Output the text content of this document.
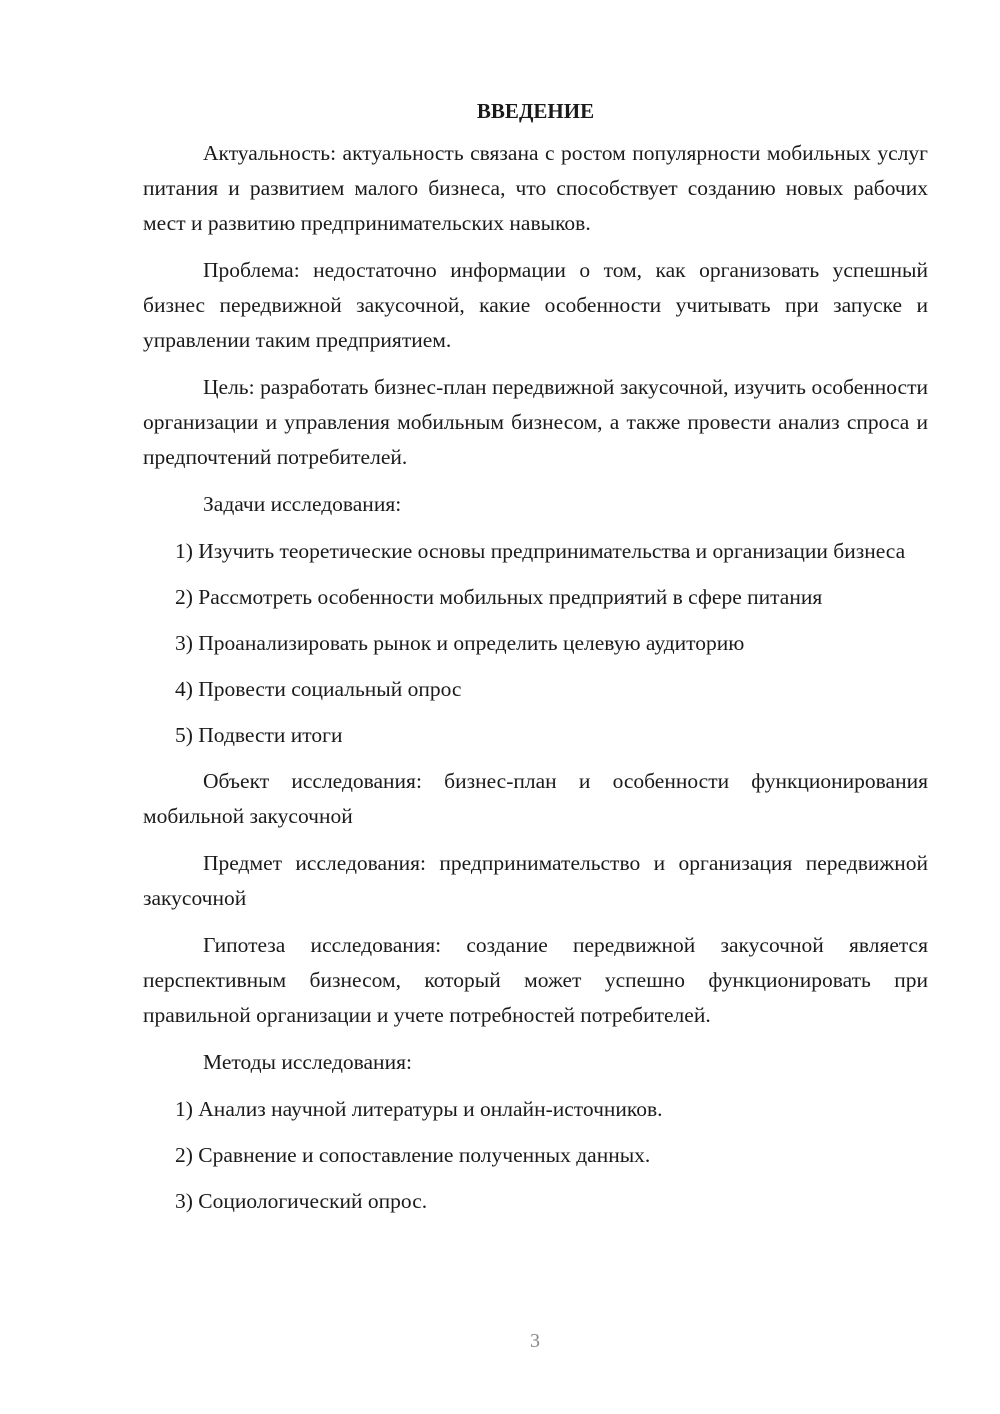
ВВЕДЕНИЕ
Актуальность: актуальность связана с ростом популярности мобильных услуг питания и развитием малого бизнеса, что способствует созданию новых рабочих мест и развитию предпринимательских навыков.
Проблема: недостаточно информации о том, как организовать успешный бизнес передвижной закусочной, какие особенности учитывать при запуске и управлении таким предприятием.
Цель: разработать бизнес-план передвижной закусочной, изучить особенности организации и управления мобильным бизнесом, а также провести анализ спроса и предпочтений потребителей.
Задачи исследования:
1) Изучить теоретические основы предпринимательства и организации бизнеса
2) Рассмотреть особенности мобильных предприятий в сфере питания
3) Проанализировать рынок и определить целевую аудиторию
4) Провести социальный опрос
5) Подвести итоги
Объект исследования: бизнес-план и особенности функционирования мобильной закусочной
Предмет исследования: предпринимательство и организация передвижной закусочной
Гипотеза исследования: создание передвижной закусочной является перспективным бизнесом, который может успешно функционировать при правильной организации и учете потребностей потребителей.
Методы исследования:
1) Анализ научной литературы и онлайн-источников.
2) Сравнение и сопоставление полученных данных.
3) Социологический опрос.
3
